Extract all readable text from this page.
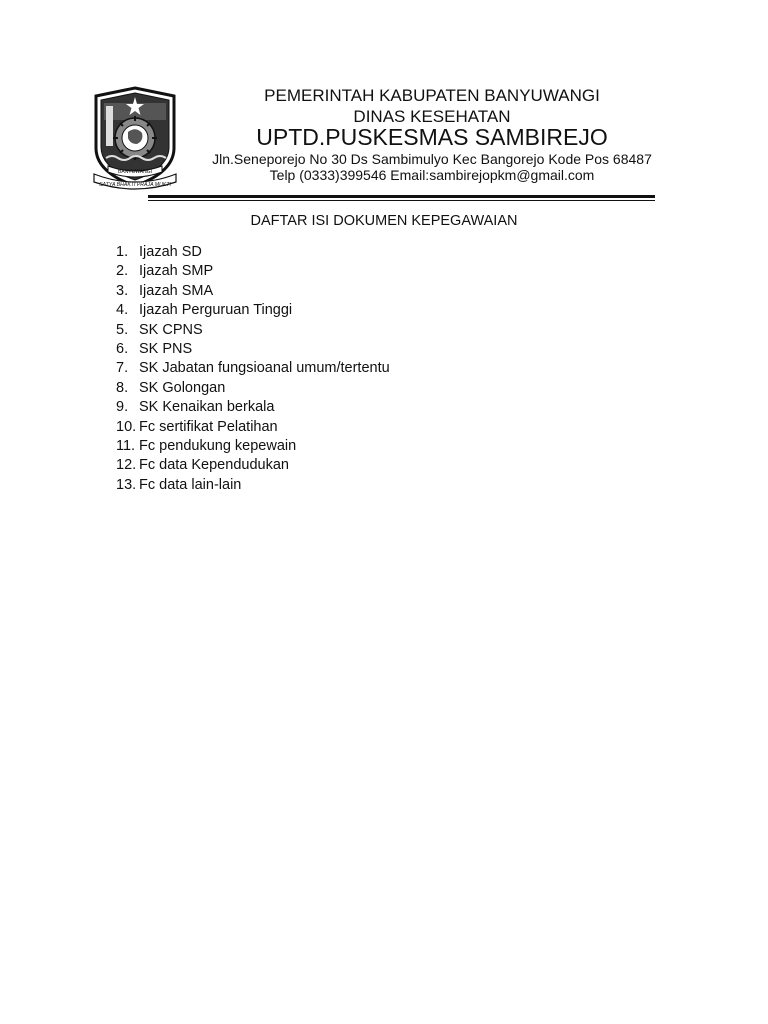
BANYUWANGI
SATYA BHAKTI PRAJA MUKTI
PEMERINTAH KABUPATEN BANYUWANGI
DINAS KESEHATAN
UPTD.PUSKESMAS SAMBIREJO
Jln.Seneporejo No 30 Ds Sambimulyo Kec Bangorejo Kode Pos 68487
Telp (0333)399546 Email:sambirejopkm@gmail.com
DAFTAR ISI DOKUMEN KEPEGAWAIAN
1. Ijazah SD
2. Ijazah SMP
3. Ijazah SMA
4. Ijazah Perguruan Tinggi
5. SK CPNS
6. SK PNS
7. SK Jabatan fungsioanal umum/tertentu
8. SK Golongan
9. SK Kenaikan berkala
10. Fc sertifikat Pelatihan
11. Fc pendukung kepewain
12. Fc data Kependudukan
13. Fc data lain-lain
